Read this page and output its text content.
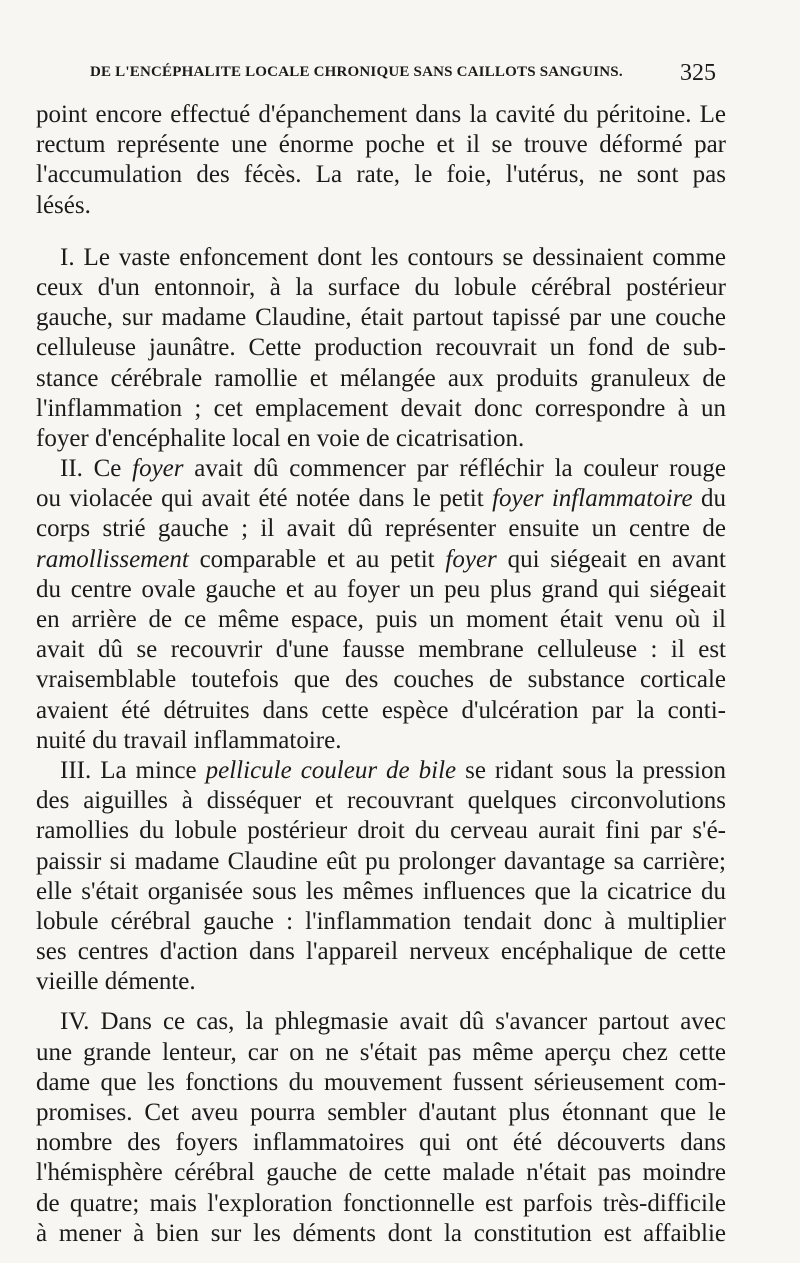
DE L'ENCÉPHALITE LOCALE CHRONIQUE SANS CAILLOTS SANGUINS. 325
point encore effectué d'épanchement dans la cavité du péritoine. Le
rectum représente une énorme poche et il se trouve déformé par
l'accumulation des fécès. La rate, le foie, l'utérus, ne sont pas
lésés.
I. Le vaste enfoncement dont les contours se dessinaient comme
ceux d'un entonnoir, à la surface du lobule cérébral postérieur
gauche, sur madame Claudine, était partout tapissé par une couche
celluleuse jaunâtre. Cette production recouvrait un fond de sub-
stance cérébrale ramollie et mélangée aux produits granuleux de
l'inflammation ; cet emplacement devait donc correspondre à un
foyer d'encéphalite local en voie de cicatrisation.
II. Ce foyer avait dû commencer par réfléchir la couleur rouge
ou violacée qui avait été notée dans le petit foyer inflammatoire du
corps strié gauche ; il avait dû représenter ensuite un centre de
ramollissement comparable et au petit foyer qui siégeait en avant
du centre ovale gauche et au foyer un peu plus grand qui siégeait
en arrière de ce même espace, puis un moment était venu où il
avait dû se recouvrir d'une fausse membrane celluleuse : il est
vraisemblable toutefois que des couches de substance corticale
avaient été détruites dans cette espèce d'ulcération par la conti-
nuité du travail inflammatoire.
III. La mince pellicule couleur de bile se ridant sous la pression
des aiguilles à disséquer et recouvrant quelques circonvolutions
ramollies du lobule postérieur droit du cerveau aurait fini par s'é-
paissir si madame Claudine eût pu prolonger davantage sa carrière;
elle s'était organisée sous les mêmes influences que la cicatrice du
lobule cérébral gauche : l'inflammation tendait donc à multiplier
ses centres d'action dans l'appareil nerveux encéphalique de cette
vieille démente.
IV. Dans ce cas, la phlegmasie avait dû s'avancer partout avec
une grande lenteur, car on ne s'était pas même aperçu chez cette
dame que les fonctions du mouvement fussent sérieusement com-
promises. Cet aveu pourra sembler d'autant plus étonnant que le
nombre des foyers inflammatoires qui ont été découverts dans
l'hémisphère cérébral gauche de cette malade n'était pas moindre
de quatre; mais l'exploration fonctionnelle est parfois très-difficile
à mener à bien sur les déments dont la constitution est affaiblie
